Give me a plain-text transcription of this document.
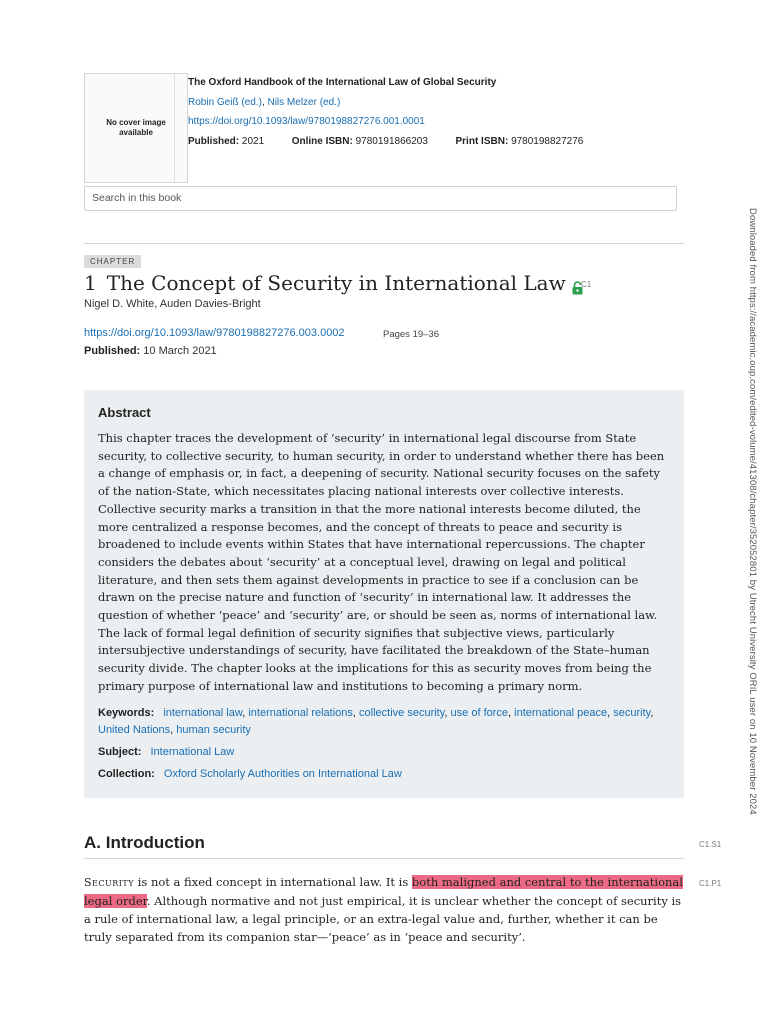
No cover image available
The Oxford Handbook of the International Law of Global Security
Robin Geiß (ed.), Nils Melzer (ed.)
https://doi.org/10.1093/law/9780198827276.001.0001
Published: 2021	Online ISBN: 9780191866203	Print ISBN: 9780198827276
Search in this book
CHAPTER
1 The Concept of Security in International Law	C1
Nigel D. White, Auden Davies-Bright
https://doi.org/10.1093/law/9780198827276.003.0002	Pages 19–36
Published: 10 March 2021
Abstract
This chapter traces the development of ‘security’ in international legal discourse from State security, to collective security, to human security, in order to understand whether there has been a change of emphasis or, in fact, a deepening of security. National security focuses on the safety of the nation-State, which necessitates placing national interests over collective interests. Collective security marks a transition in that the more national interests become diluted, the more centralized a response becomes, and the concept of threats to peace and security is broadened to include events within States that have international repercussions. The chapter considers the debates about ‘security’ at a conceptual level, drawing on legal and political literature, and then sets them against developments in practice to see if a conclusion can be drawn on the precise nature and function of ‘security’ in international law. It addresses the question of whether ‘peace’ and ‘security’ are, or should be seen as, norms of international law. The lack of formal legal definition of security signifies that subjective views, particularly intersubjective understandings of security, have facilitated the breakdown of the State–human security divide. The chapter looks at the implications for this as security moves from being the primary purpose of international law and institutions to becoming a primary norm.
Keywords: international law, international relations, collective security, use of force, international peace, security, United Nations, human security
Subject: International Law
Collection: Oxford Scholarly Authorities on International Law
A. Introduction	C1.S1
C1.P1
Security is not a fixed concept in international law. It is both maligned and central to the international legal order. Although normative and not just empirical, it is unclear whether the concept of security is a rule of international law, a legal principle, or an extra-legal value and, further, whether it can be truly separated from its companion star—‘peace’ as in ‘peace and security’.
Downloaded from https://academic.oup.com/edited-volume/41308/chapter/352052801 by Utrecht University ORIL user on 10 November 2024
